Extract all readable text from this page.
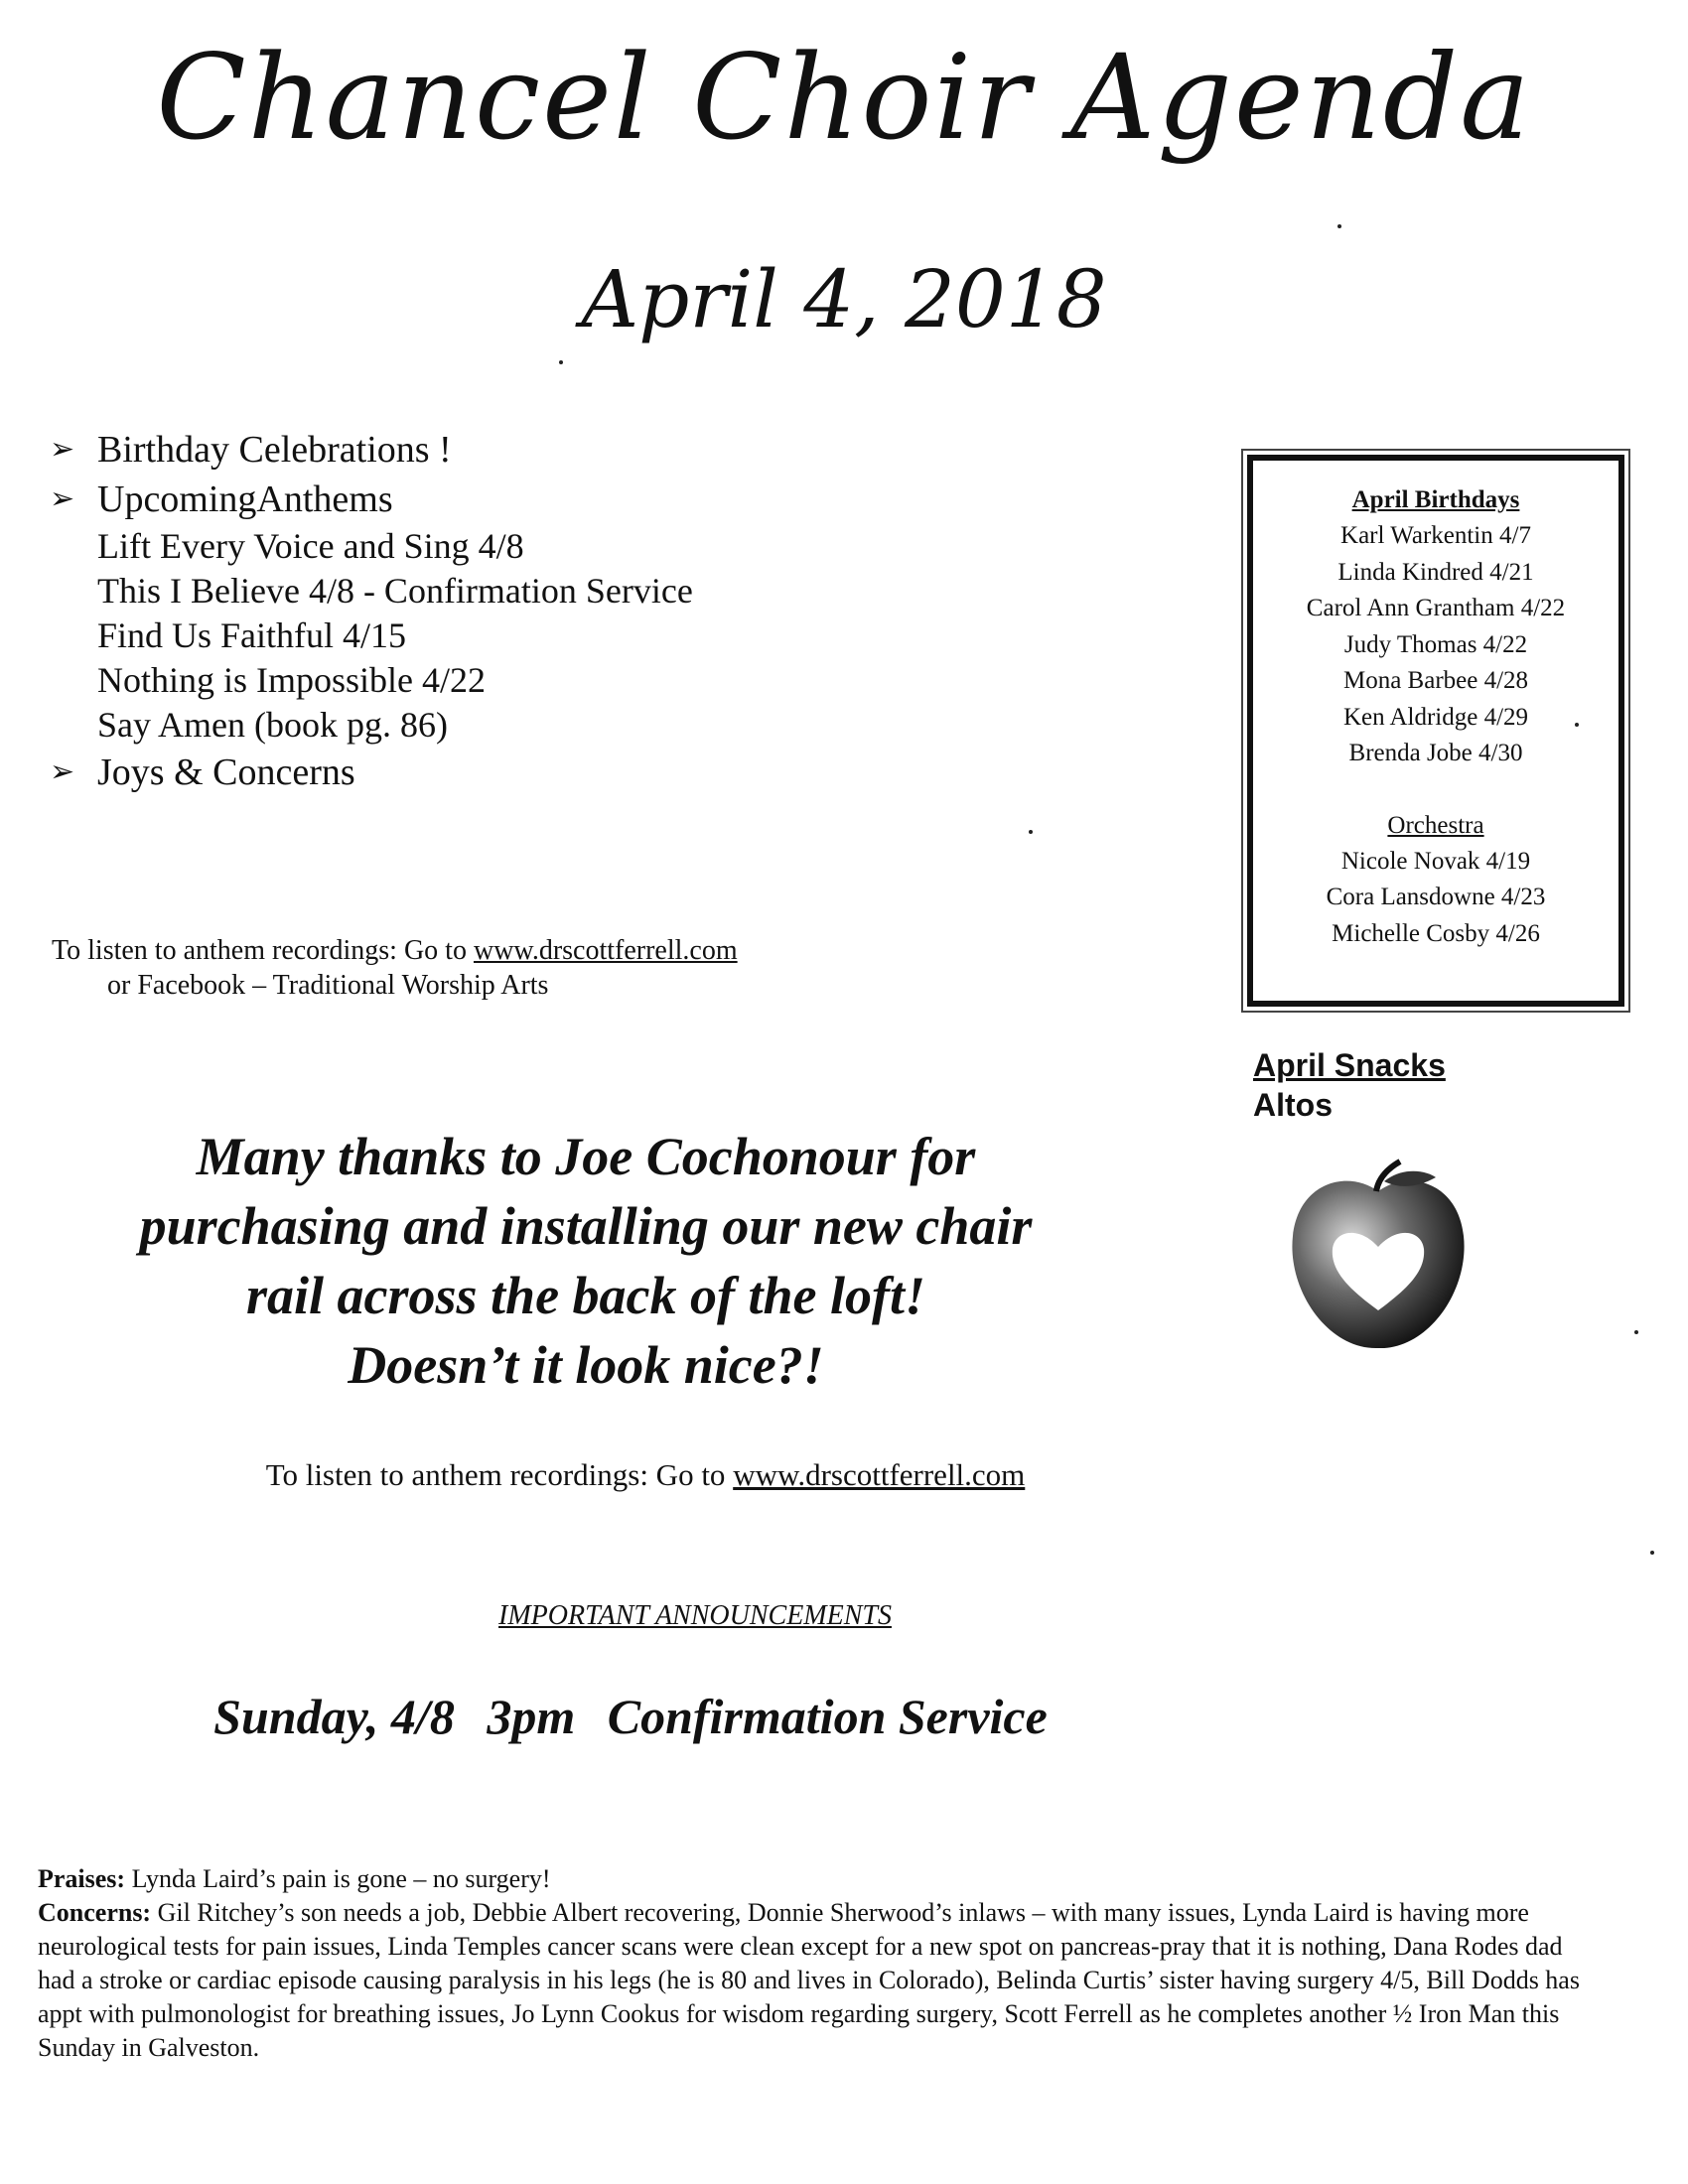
Chancel Choir Agenda
April 4, 2018
➢ Birthday Celebrations !
➢ UpcomingAnthems
Lift Every Voice and Sing 4/8
This I Believe 4/8 - Confirmation Service
Find Us Faithful 4/15
Nothing is Impossible 4/22
Say Amen (book pg. 86)
➢ Joys & Concerns
To listen to anthem recordings: Go to www.drscottferrell.com
or Facebook – Traditional Worship Arts
April Birthdays
Karl Warkentin 4/7
Linda Kindred 4/21
Carol Ann Grantham 4/22
Judy Thomas 4/22
Mona Barbee 4/28
Ken Aldridge 4/29
Brenda Jobe 4/30
Orchestra
Nicole Novak 4/19
Cora Lansdowne 4/23
Michelle Cosby 4/26
April Snacks
Altos
Many thanks to Joe Cochonour for
purchasing and installing our new chair
rail across the back of the loft!
Doesn’t it look nice?!
To listen to anthem recordings: Go to www.drscottferrell.com
IMPORTANT ANNOUNCEMENTS
Sunday, 4/8 3pm Confirmation Service
Praises: Lynda Laird’s pain is gone – no surgery!
Concerns: Gil Ritchey’s son needs a job, Debbie Albert recovering, Donnie Sherwood’s inlaws – with many issues, Lynda Laird is having more neurological tests for pain issues, Linda Temples cancer scans were clean except for a new spot on pancreas-pray that it is nothing, Dana Rodes dad had a stroke or cardiac episode causing paralysis in his legs (he is 80 and lives in Colorado), Belinda Curtis’ sister having surgery 4/5, Bill Dodds has appt with pulmonologist for breathing issues, Jo Lynn Cookus for wisdom regarding surgery, Scott Ferrell as he completes another ½ Iron Man this Sunday in Galveston.
